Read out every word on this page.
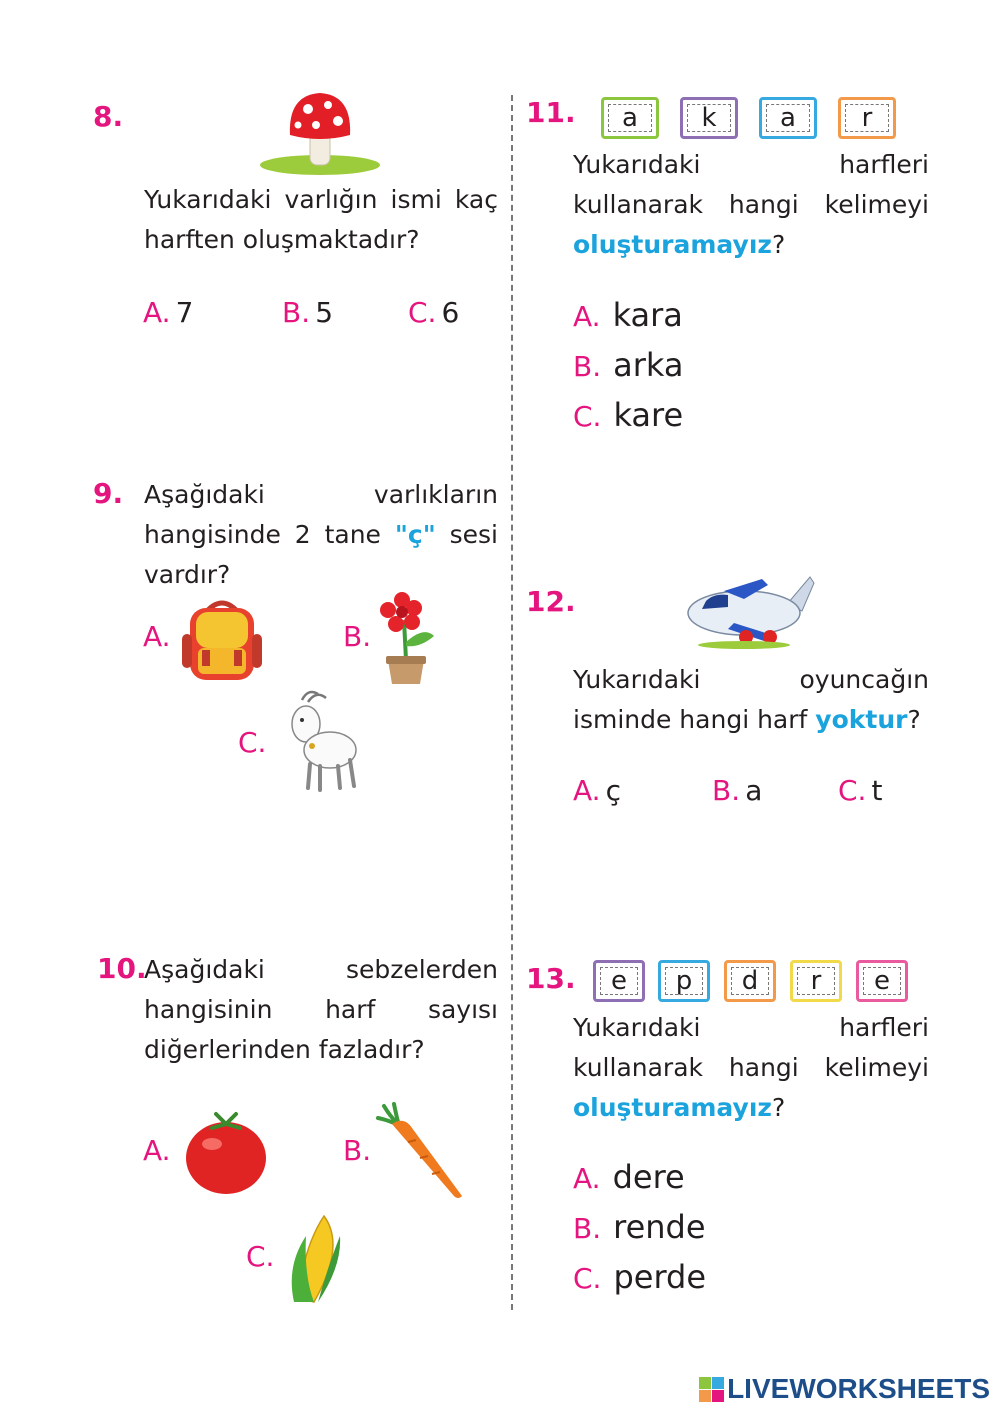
8.
Yukarıdaki varlığın ismi kaç harften oluşmaktadır?
A. 7	B. 5	C. 6
9. Aşağıdaki varlıkların hangisinde 2 tane "ç" sesi vardır?
A.	B.
C.
10.
Aşağıdaki sebzelerden hangisinin harf sayısı diğerlerinden fazladır?
A.	B.
C.
11.	a	k	a	r
Yukarıdaki harfleri kullanarak hangi kelimeyi oluşturamayız?
A. kara
B. arka
C. kare
12.
Yukarıdaki oyuncağın isminde hangi harf yoktur?
A. ç	B. a	C. t
13.	e	p	d	r	e
Yukarıdaki harfleri kullanarak hangi kelimeyi oluşturamayız?
A. dere
B. rende
C. perde
LIVEWORKSHEETS
